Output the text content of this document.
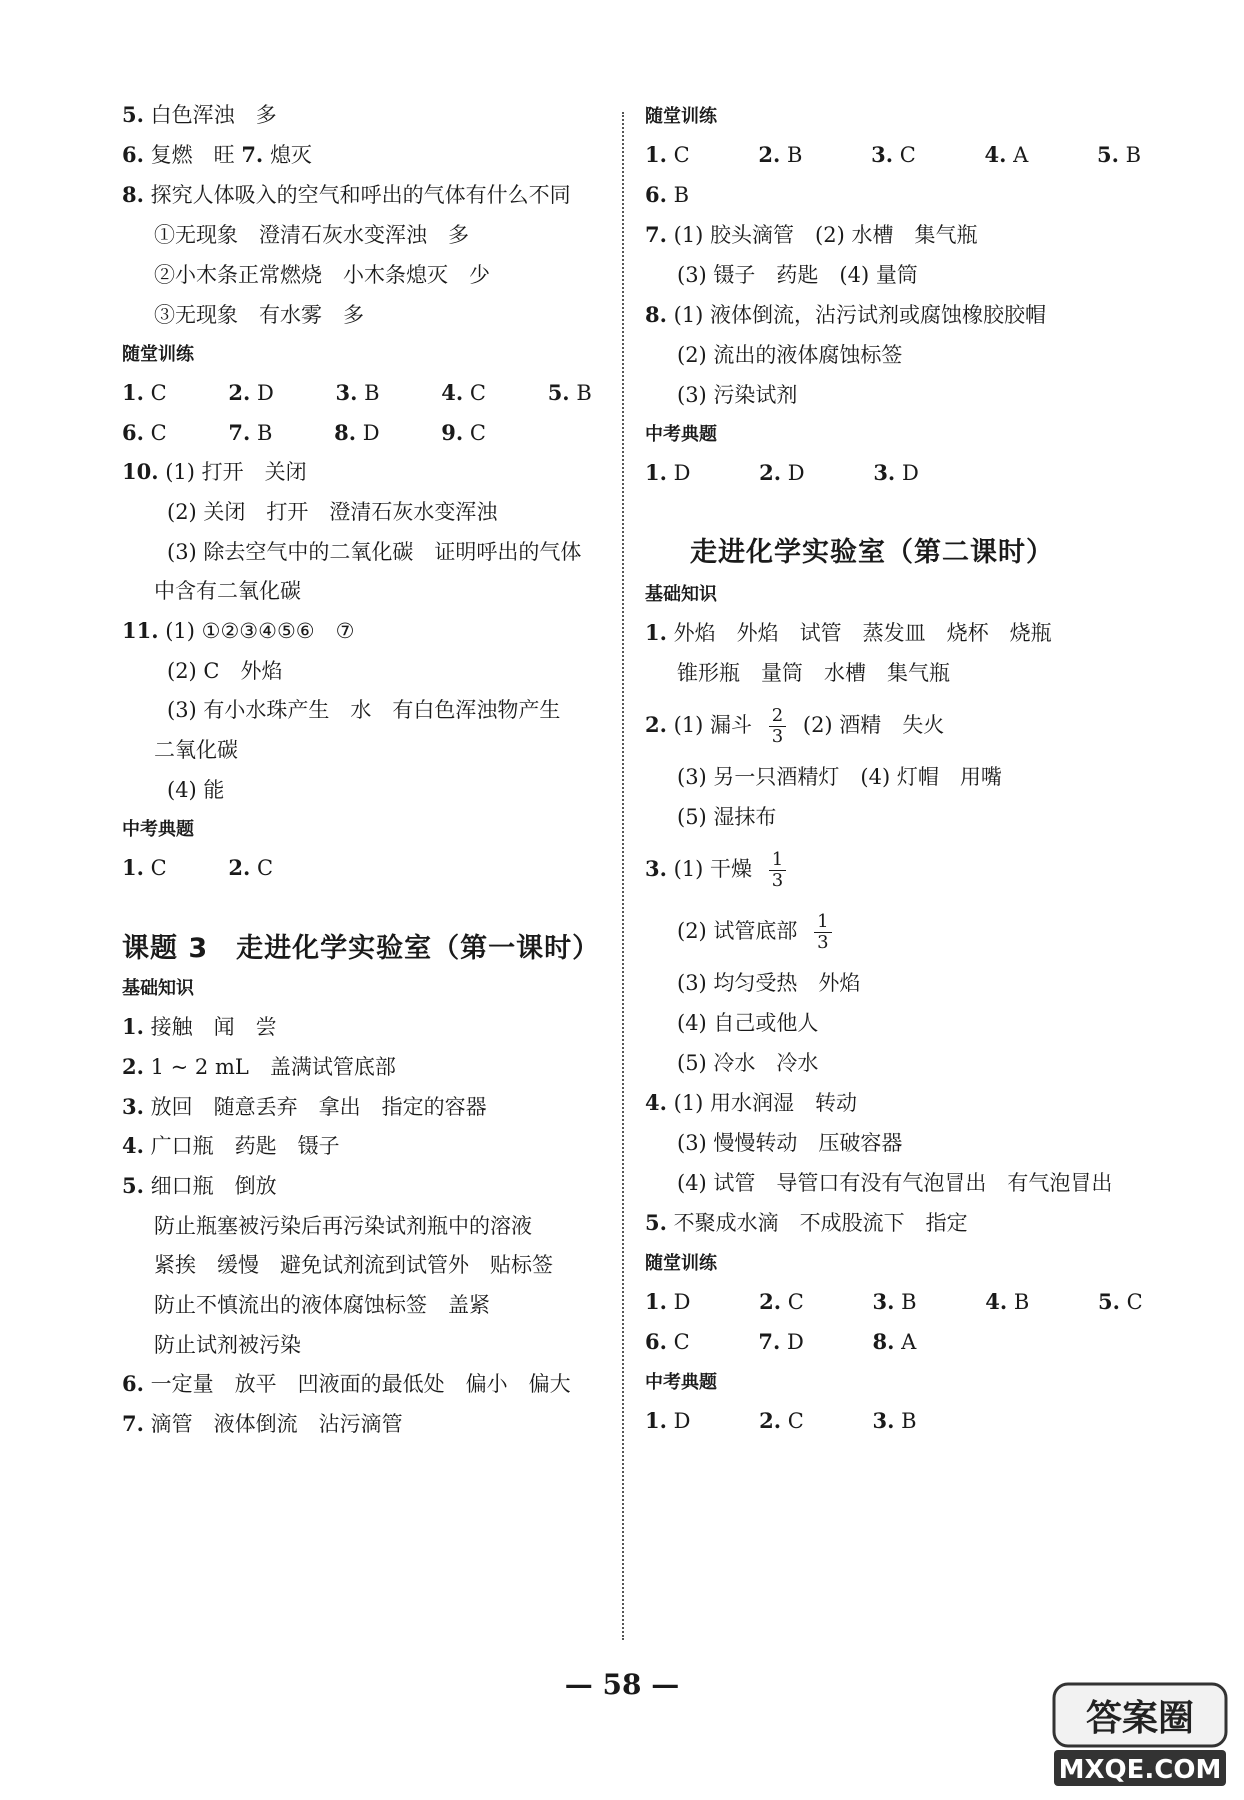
5. 白色浑浊　多
6. 复燃　旺 7. 熄灭
8. 探究人体吸入的空气和呼出的气体有什么不同
①无现象　澄清石灰水变浑浊　多
②小木条正常燃烧　小木条熄灭　少
③无现象　有水雾　多
随堂训练
1. C	2. D	3. B	4. C	5. B
6. C	7. B	8. D	9. C
10. (1) 打开　关闭
(2) 关闭　打开　澄清石灰水变浑浊
(3) 除去空气中的二氧化碳　证明呼出的气体
中含有二氧化碳
11. (1) ①②③④⑤⑥　⑦
(2) C　外焰
(3) 有小水珠产生　水　有白色浑浊物产生
二氧化碳
(4) 能
中考典题
1. C	2. C
课题 3　走进化学实验室（第一课时）
基础知识
1. 接触　闻　尝
2. 1 ~ 2 mL　盖满试管底部
3. 放回　随意丢弃　拿出　指定的容器
4. 广口瓶　药匙　镊子
5. 细口瓶　倒放
防止瓶塞被污染后再污染试剂瓶中的溶液
紧挨　缓慢　避免试剂流到试管外　贴标签
防止不慎流出的液体腐蚀标签　盖紧
防止试剂被污染
6. 一定量　放平　凹液面的最低处　偏小　偏大
7. 滴管　液体倒流　沾污滴管
随堂训练
1. C	2. B	3. C	4. A	5. B
6. B
7. (1) 胶头滴管　(2) 水槽　集气瓶
(3) 镊子　药匙　(4) 量筒
8. (1) 液体倒流，沾污试剂或腐蚀橡胶胶帽
(2) 流出的液体腐蚀标签
(3) 污染试剂
中考典题
1. D	2. D	3. D
走进化学实验室（第二课时）
基础知识
1. 外焰　外焰　试管　蒸发皿　烧杯　烧瓶
锥形瓶　量筒　水槽　集气瓶
2. (1) 漏斗 $\frac{2}{3} (2)$ 酒精　失火
(3) 另一只酒精灯　(4) 灯帽　用嘴
(5) 湿抹布
3. (1) 干燥 $\frac{1}{3}$
(2) 试管底部 $\frac{1}{3}$
(3) 均匀受热　外焰
(4) 自己或他人
(5) 冷水　冷水
4. (1) 用水润湿　转动
(3) 慢慢转动　压破容器
(4) 试管　导管口有没有气泡冒出　有气泡冒出
5. 不聚成水滴　不成股流下　指定
随堂训练
1. D	2. C	3. B	4. B	5. C
6. C	7. D	8. A
中考典题
1. D	2. C	3. B
— 58 —
答案圈
MXQE.COM
